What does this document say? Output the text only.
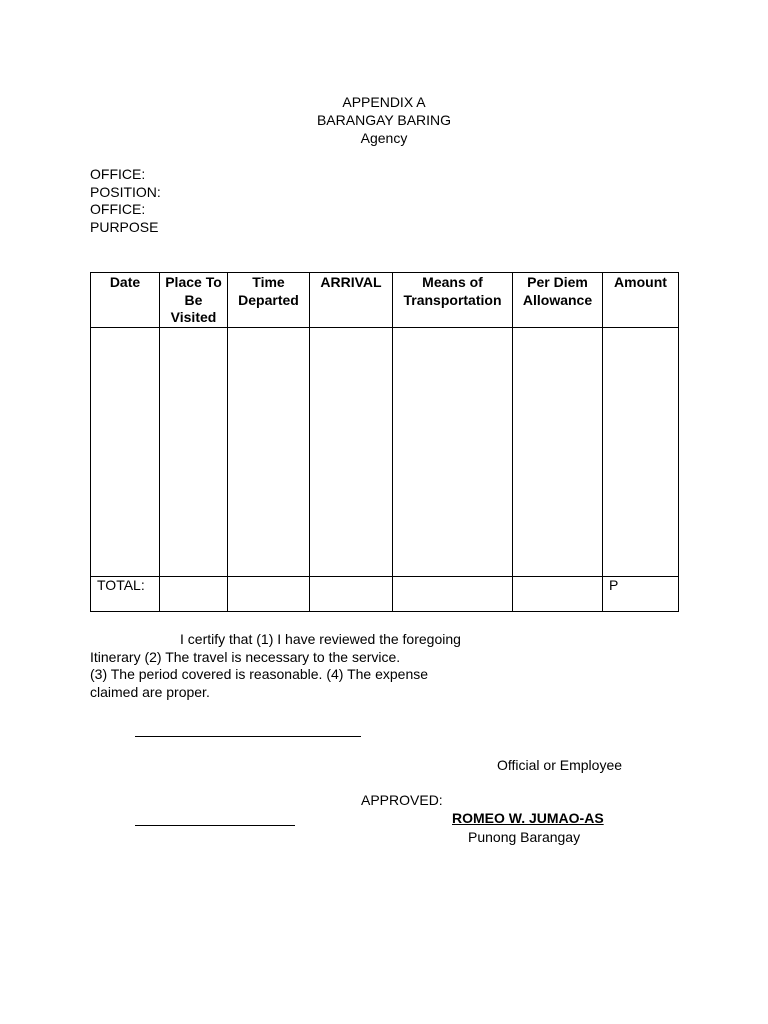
APPENDIX A
BARANGAY BARING
Agency
OFFICE:
POSITION:
OFFICE:
PURPOSE
Date	Place To Be Visited	Time Departed	ARRIVAL	Means of Transportation	Per Diem Allowance	Amount

TOTAL:						P
I certify that (1) I have reviewed the foregoing
Itinerary (2) The travel is necessary to the service.
(3) The period covered is reasonable. (4) The expense
claimed are proper.
Official or Employee
APPROVED:
ROMEO W. JUMAO-AS
Punong Barangay
